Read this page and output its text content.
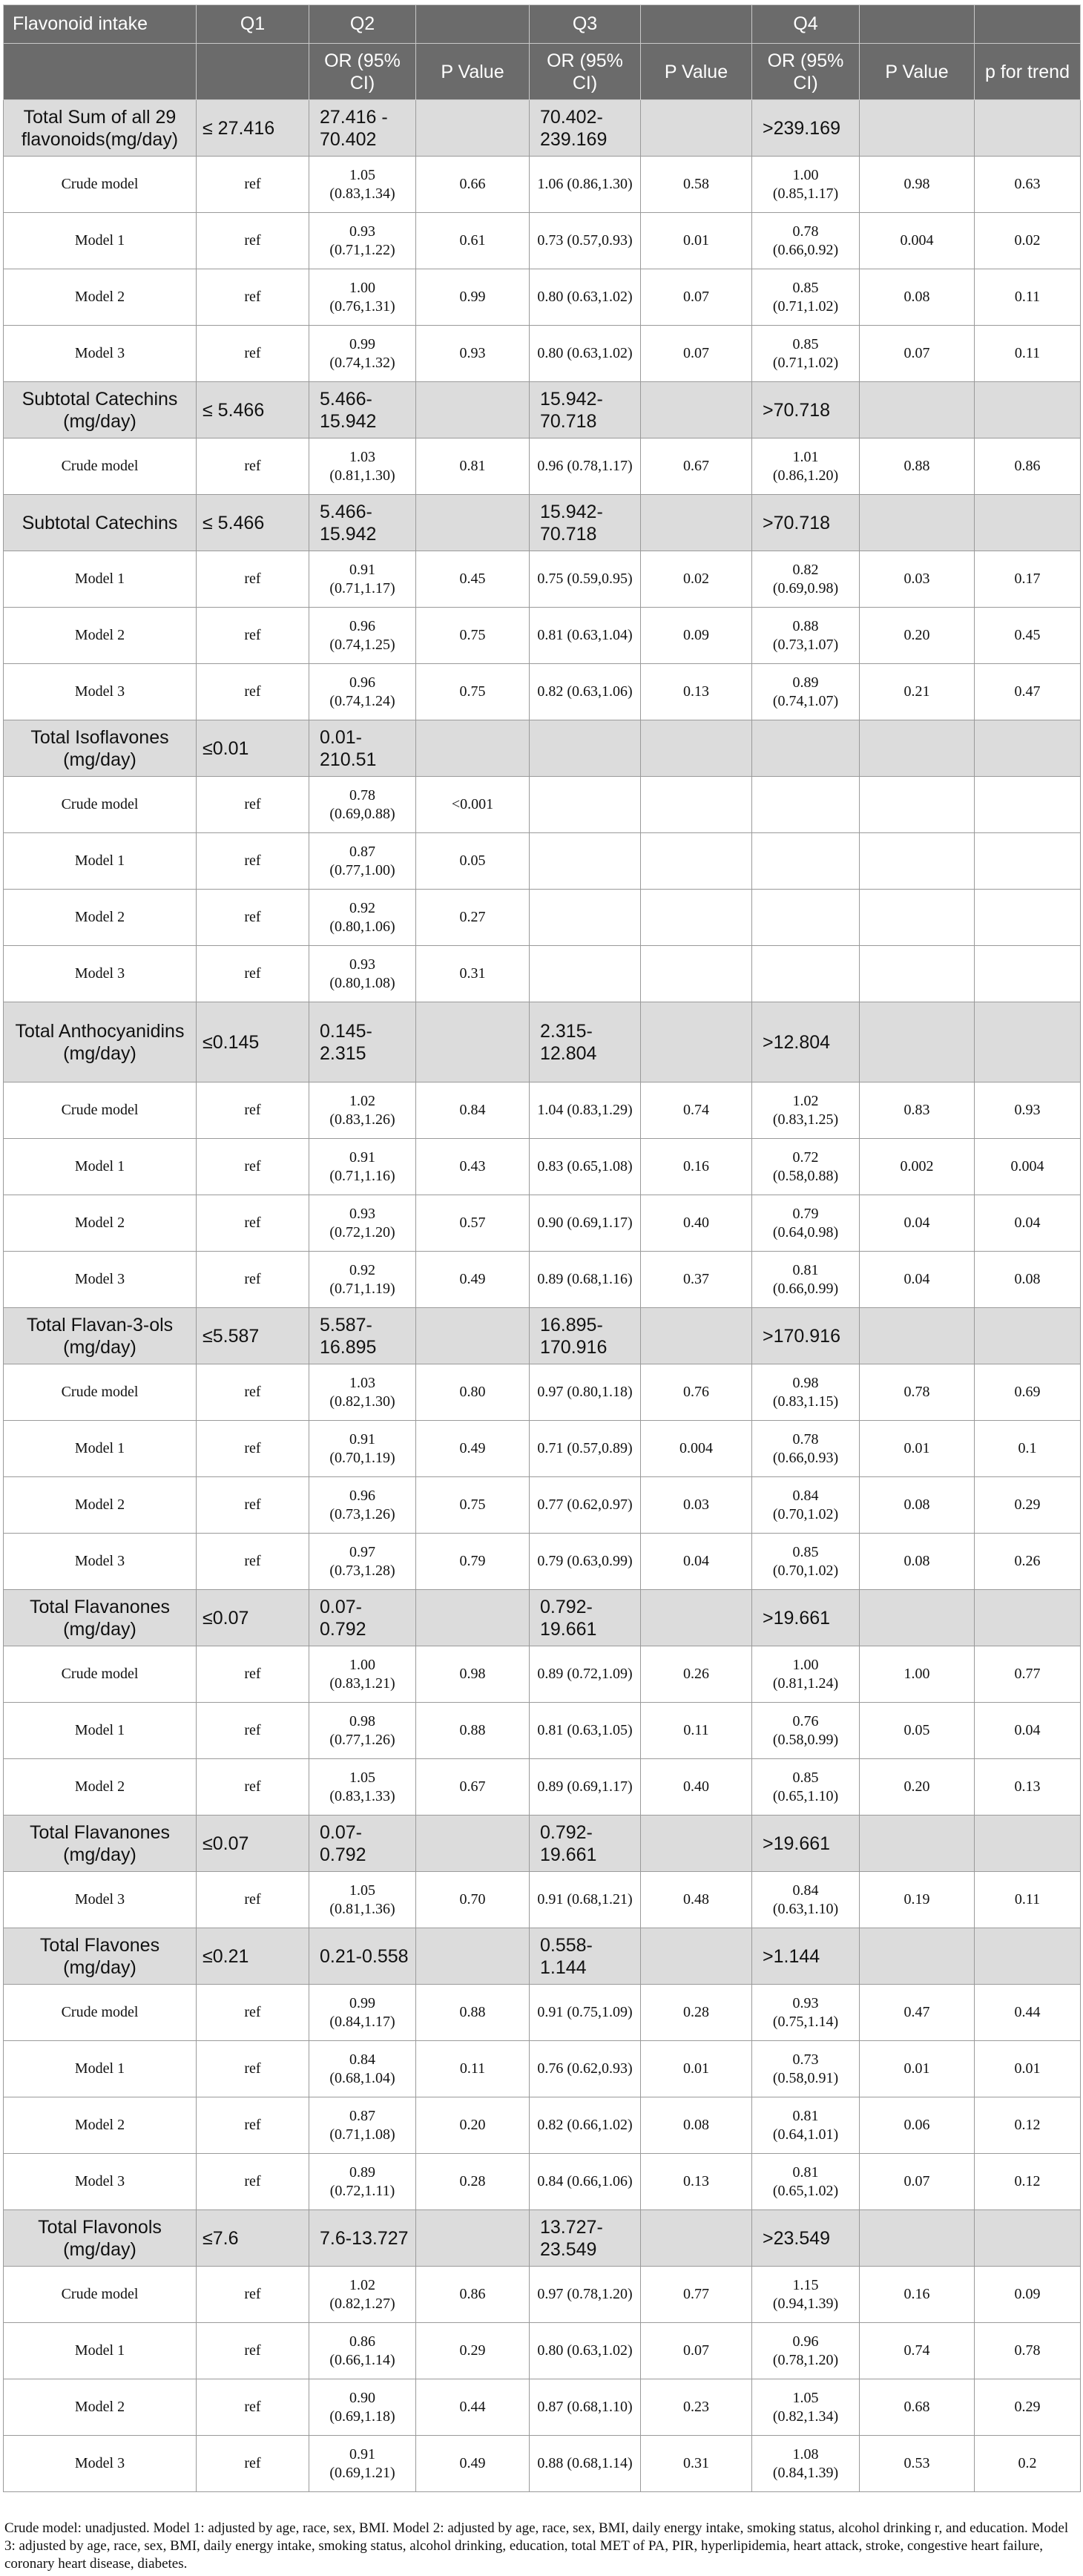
Flavonoid intake	Q1	Q2		Q3		Q4		
		OR (95% CI)	P Value	OR (95% CI)	P Value	OR (95% CI)	P Value	p for trend
Total Sum of all 29 flavonoids(mg/day)	≤ 27.416	27.416 - 70.402		70.402- 239.169		>239.169		
Crude model	ref	1.05 (0.83,1.34)	0.66	1.06 (0.86,1.30)	0.58	1.00 (0.85,1.17)	0.98	0.63
Model 1	ref	0.93 (0.71,1.22)	0.61	0.73 (0.57,0.93)	0.01	0.78 (0.66,0.92)	0.004	0.02
Model 2	ref	1.00 (0.76,1.31)	0.99	0.80 (0.63,1.02)	0.07	0.85 (0.71,1.02)	0.08	0.11
Model 3	ref	0.99 (0.74,1.32)	0.93	0.80 (0.63,1.02)	0.07	0.85 (0.71,1.02)	0.07	0.11
Subtotal Catechins (mg/day)	≤ 5.466	5.466- 15.942		15.942- 70.718		>70.718		
Crude model	ref	1.03 (0.81,1.30)	0.81	0.96 (0.78,1.17)	0.67	1.01 (0.86,1.20)	0.88	0.86
Subtotal Catechins	≤ 5.466	5.466- 15.942		15.942- 70.718		>70.718		
Model 1	ref	0.91 (0.71,1.17)	0.45	0.75 (0.59,0.95)	0.02	0.82 (0.69,0.98)	0.03	0.17
Model 2	ref	0.96 (0.74,1.25)	0.75	0.81 (0.63,1.04)	0.09	0.88 (0.73,1.07)	0.20	0.45
Model 3	ref	0.96 (0.74,1.24)	0.75	0.82 (0.63,1.06)	0.13	0.89 (0.74,1.07)	0.21	0.47
Total Isoflavones (mg/day)	≤0.01	0.01- 210.51						
Crude model	ref	0.78 (0.69,0.88)	<0.001					
Model 1	ref	0.87 (0.77,1.00)	0.05					
Model 2	ref	0.92 (0.80,1.06)	0.27					
Model 3	ref	0.93 (0.80,1.08)	0.31					
Total Anthocyanidins (mg/day)	≤0.145	0.145- 2.315		2.315- 12.804		>12.804		
Crude model	ref	1.02 (0.83,1.26)	0.84	1.04 (0.83,1.29)	0.74	1.02 (0.83,1.25)	0.83	0.93
Model 1	ref	0.91 (0.71,1.16)	0.43	0.83 (0.65,1.08)	0.16	0.72 (0.58,0.88)	0.002	0.004
Model 2	ref	0.93 (0.72,1.20)	0.57	0.90 (0.69,1.17)	0.40	0.79 (0.64,0.98)	0.04	0.04
Model 3	ref	0.92 (0.71,1.19)	0.49	0.89 (0.68,1.16)	0.37	0.81 (0.66,0.99)	0.04	0.08
Total Flavan-3-ols (mg/day)	≤5.587	5.587- 16.895		16.895- 170.916		>170.916		
Crude model	ref	1.03 (0.82,1.30)	0.80	0.97 (0.80,1.18)	0.76	0.98 (0.83,1.15)	0.78	0.69
Model 1	ref	0.91 (0.70,1.19)	0.49	0.71 (0.57,0.89)	0.004	0.78 (0.66,0.93)	0.01	0.1
Model 2	ref	0.96 (0.73,1.26)	0.75	0.77 (0.62,0.97)	0.03	0.84 (0.70,1.02)	0.08	0.29
Model 3	ref	0.97 (0.73,1.28)	0.79	0.79 (0.63,0.99)	0.04	0.85 (0.70,1.02)	0.08	0.26
Total Flavanones (mg/day)	≤0.07	0.07- 0.792		0.792- 19.661		>19.661		
Crude model	ref	1.00 (0.83,1.21)	0.98	0.89 (0.72,1.09)	0.26	1.00 (0.81,1.24)	1.00	0.77
Model 1	ref	0.98 (0.77,1.26)	0.88	0.81 (0.63,1.05)	0.11	0.76 (0.58,0.99)	0.05	0.04
Model 2	ref	1.05 (0.83,1.33)	0.67	0.89 (0.69,1.17)	0.40	0.85 (0.65,1.10)	0.20	0.13
Total Flavanones (mg/day)	≤0.07	0.07- 0.792		0.792- 19.661		>19.661		
Model 3	ref	1.05 (0.81,1.36)	0.70	0.91 (0.68,1.21)	0.48	0.84 (0.63,1.10)	0.19	0.11
Total Flavones (mg/day)	≤0.21	0.21-0.558		0.558- 1.144		>1.144		
Crude model	ref	0.99 (0.84,1.17)	0.88	0.91 (0.75,1.09)	0.28	0.93 (0.75,1.14)	0.47	0.44
Model 1	ref	0.84 (0.68,1.04)	0.11	0.76 (0.62,0.93)	0.01	0.73 (0.58,0.91)	0.01	0.01
Model 2	ref	0.87 (0.71,1.08)	0.20	0.82 (0.66,1.02)	0.08	0.81 (0.64,1.01)	0.06	0.12
Model 3	ref	0.89 (0.72,1.11)	0.28	0.84 (0.66,1.06)	0.13	0.81 (0.65,1.02)	0.07	0.12
Total Flavonols (mg/day)	≤7.6	7.6-13.727		13.727- 23.549		>23.549		
Crude model	ref	1.02 (0.82,1.27)	0.86	0.97 (0.78,1.20)	0.77	1.15 (0.94,1.39)	0.16	0.09
Model 1	ref	0.86 (0.66,1.14)	0.29	0.80 (0.63,1.02)	0.07	0.96 (0.78,1.20)	0.74	0.78
Model 2	ref	0.90 (0.69,1.18)	0.44	0.87 (0.68,1.10)	0.23	1.05 (0.82,1.34)	0.68	0.29
Model 3	ref	0.91 (0.69,1.21)	0.49	0.88 (0.68,1.14)	0.31	1.08 (0.84,1.39)	0.53	0.2
Crude model: unadjusted. Model 1: adjusted by age, race, sex, BMI. Model 2: adjusted by age, race, sex, BMI, daily energy intake, smoking status, alcohol drinking r, and education. Model 3: adjusted by age, race, sex, BMI, daily energy intake, smoking status, alcohol drinking, education, total MET of PA, PIR, hyperlipidemia, heart attack, stroke, congestive heart failure, coronary heart disease, diabetes.
